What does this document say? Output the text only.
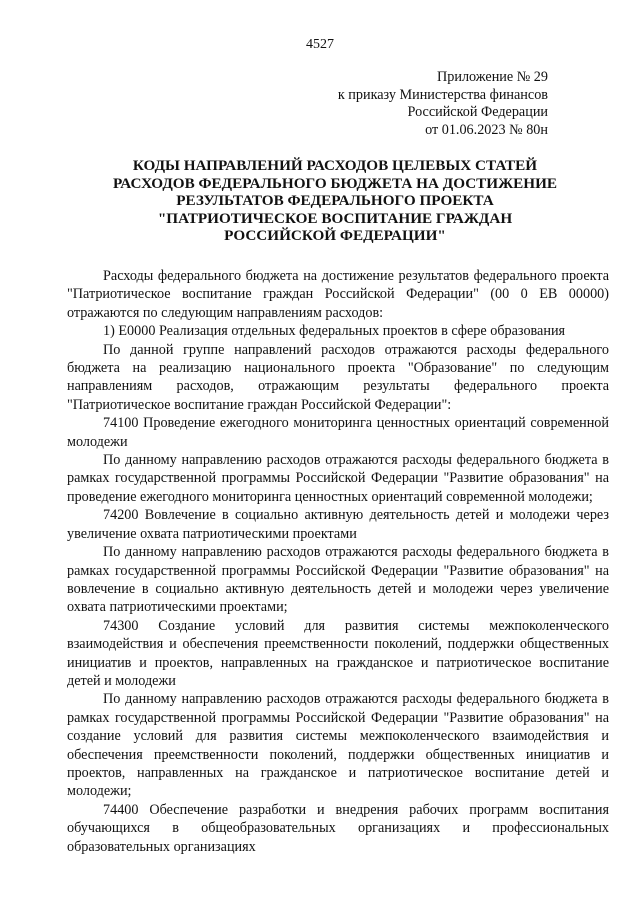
4527
Приложение № 29
к приказу Министерства финансов
Российской Федерации
от 01.06.2023 № 80н
КОДЫ НАПРАВЛЕНИЙ РАСХОДОВ ЦЕЛЕВЫХ СТАТЕЙ
РАСХОДОВ ФЕДЕРАЛЬНОГО БЮДЖЕТА НА ДОСТИЖЕНИЕ
РЕЗУЛЬТАТОВ ФЕДЕРАЛЬНОГО ПРОЕКТА
"ПАТРИОТИЧЕСКОЕ ВОСПИТАНИЕ ГРАЖДАН
РОССИЙСКОЙ ФЕДЕРАЦИИ"

Расходы федерального бюджета на достижение результатов федерального проекта "Патриотическое воспитание граждан Российской Федерации" (00 0 ЕВ 00000) отражаются по следующим направлениям расходов:

1) Е0000 Реализация отдельных федеральных проектов в сфере образования

По данной группе направлений расходов отражаются расходы федерального бюджета на реализацию национального проекта "Образование" по следующим направлениям расходов, отражающим результаты федерального проекта "Патриотическое воспитание граждан Российской Федерации":

74100 Проведение ежегодного мониторинга ценностных ориентаций современной молодежи

По данному направлению расходов отражаются расходы федерального бюджета в рамках государственной программы Российской Федерации "Развитие образования" на проведение ежегодного мониторинга ценностных ориентаций современной молодежи;

74200 Вовлечение в социально активную деятельность детей и молодежи через увеличение охвата патриотическими проектами

По данному направлению расходов отражаются расходы федерального бюджета в рамках государственной программы Российской Федерации "Развитие образования" на вовлечение в социально активную деятельность детей и молодежи через увеличение охвата патриотическими проектами;

74300 Создание условий для развития системы межпоколенческого взаимодействия и обеспечения преемственности поколений, поддержки общественных инициатив и проектов, направленных на гражданское и патриотическое воспитание детей и молодежи

По данному направлению расходов отражаются расходы федерального бюджета в рамках государственной программы Российской Федерации "Развитие образования" на создание условий для развития системы межпоколенческого взаимодействия и обеспечения преемственности поколений, поддержки общественных инициатив и проектов, направленных на гражданское и патриотическое воспитание детей и молодежи;

74400 Обеспечение разработки и внедрения рабочих программ воспитания обучающихся в общеобразовательных организациях и профессиональных образовательных организациях
